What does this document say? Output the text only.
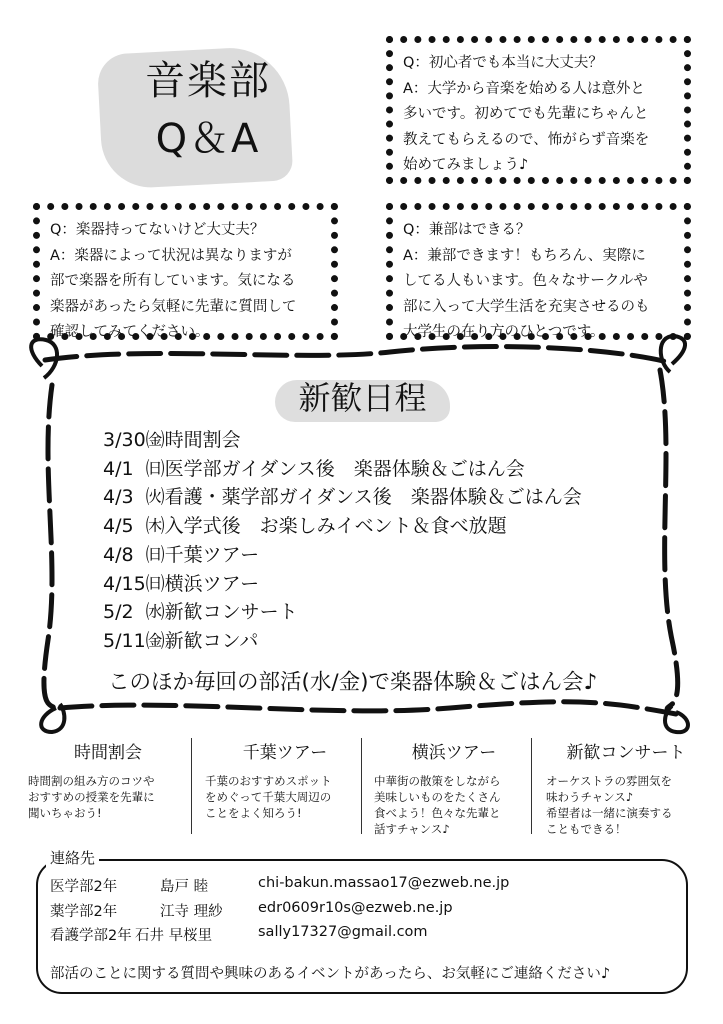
音楽部
Q＆A

Q：初心者でも本当に大丈夫？

A：大学から音楽を始める人は意外と
多いです。初めてでも先輩にちゃんと
教えてもらえるので、怖がらず音楽を
始めてみましょう♪

Q：楽器持ってないけど大丈夫？

A：楽器によって状況は異なりますが
部で楽器を所有しています。気になる
楽器があったら気軽に先輩に質問して
確認してみてください。

Q：兼部はできる？

A：兼部できます！もちろん、実際に
してる人もいます。色々なサークルや
部に入って大学生活を充実させるのも
大学生の在り方のひとつです。

新歓日程
3/30㈮時間割会
4/1  ㈰医学部ガイダンス後　楽器体験＆ごはん会
4/3  ㈫看護・薬学部ガイダンス後　楽器体験＆ごはん会
4/5  ㈭入学式後　お楽しみイベント＆食べ放題
4/8  ㈰千葉ツアー
4/15㈰横浜ツアー
5/2  ㈬新歓コンサート
5/11㈮新歓コンパ
このほか毎回の部活(水/金)で楽器体験＆ごはん会♪
時間割会

時間割の組み方のコツや
おすすめの授業を先輩に
聞いちゃおう!

千葉ツアー

千葉のおすすめスポット
をめぐって千葉大周辺の
ことをよく知ろう!

横浜ツアー

中華街の散策をしながら
美味しいものをたくさん
食べよう！色々な先輩と
話すチャンス♪

新歓コンサート

オーケストラの雰囲気を
味わうチャンス♪
希望者は一緒に演奏する
こともできる！

連絡先
医学部2年	島戸 睦	chi-bakun.massao17@ezweb.ne.jp
薬学部2年	江寺 理紗 edr0609r10s@ezweb.ne.jp
看護学部2年 石井 早桜里	sally17327@gmail.com
部活のことに関する質問や興味のあるイベントがあったら、お気軽にご連絡ください♪
